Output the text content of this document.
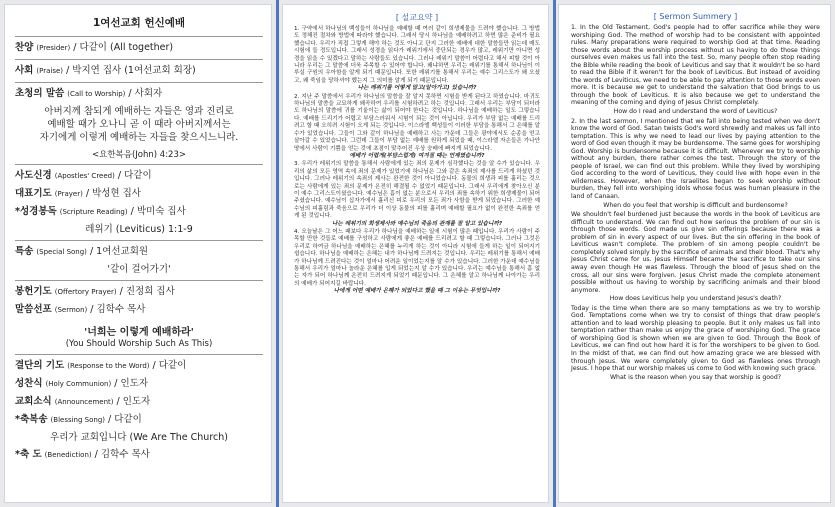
1여선교회 헌신예배
찬양 (Presider) / 다같이 (All together)
사회 (Praise) / 박지연 집사 (1여선교회 회장)
초청의 말씀 (Call to Worship) / 사회자
아버지께 참되게 예배하는 자들은 영과 진리로
예배할 때가 오나니 곧 이 때라 아버지께서는
자기에게 이렇게 예배하는 자들을 찾으시느니라.
<요한복음(John) 4:23>
사도신경 (Apostles' Creed) / 다같이
대표기도 (Prayer) / 박성현 집사
*성경봉독 (Scripture Reading) / 박미숙 집사
레위기 (Leviticus) 1:1-9
특송 (Special Song) / 1여선교회원
'같이 걸어가기'
봉헌기도 (Offertory Prayer) / 진정희 집사
말씀선포 (Sermon) / 김학수 목사
'너희는 이렇게 예배하라'
(You Should Worship Such As This)
결단의 기도 (Response to the Word) / 다같이
성찬식 (Holy Communion) / 인도자
교회소식 (Announcement) / 인도자
*축복송 (Blessing Song) / 다같이
우리가 교회입니다 (We Are The Church)
*축 도 (Benediction) / 김학수 목사
[ 설교요약 ]

1. 구약에서 하나님의 백성들이 하나님을 예배할 때 여러 같이 희생제물을 드려야 했습니다. 그 방법도 정해진 절차와 방법에 따라야 했습니다. 그래서 당시 하나님을 예배하려고 하면 많은 준비가 필요했습니다. 우리가 직접 그렇게 해야 하는 것도 아니고 단지 그러한 예배에 대한 말씀들만 읽는데 매도 시험에 들 정도입니다. 그래서 성경을 읽다가 레위기에서 중단되는 경우가 많고, 레위기만 아니면 성경을 읽을 수 있겠다고 말하는 사람들도 있습니다. 그러나 레위기 말씀이 어렵다고 해서 피할 것이 아니라 우리는 그 말씀에 더욱 주목할 수 있어야 합니다. 왜냐하면 우리는 레위기를 통해서 하나님이 이루실 구원의 우아함을 알게 되기 때문입니다. 또한 레위기를 통해서 우리는 예수 그리스도가 왜 오셨고, 왜 죽임을 당하셔야 했는지 그 의미를 알게 되기 때문입니다.

나는 레위기를 어떻게 알고(알아가고) 있습니까?

2. 지난 주 말씀에서 우리가 하나님의 말씀을 잘 알지 못하면 시험을 받게 된다고 하였습니다. 마귀도 하나님의 말씀을 교묘하게 왜곡하여 우리를 시험하려고 하는 것입니다. 그래서 우리는 부담이 되더라도 하나님의 말씀에 귀를 기울이는 삶이 되어야 한다는 것입니다. 하나님을 예배하는 일도 그렇습니다. 예배를 드리기가 어렵고 부담스러워서 시험이 되는 것이 아닙니다. 우리가 부담 없는 예배를 드리려고 할 때 오히려 시험이 오게 되는 것입니다. 이스라엘 백성들이 이러한 부담을 통해서 그 은혜를 알 수가 있었습니다. 그들이 그와 같이 하나님을 예배하고 사는 가운데 그들은 광야에서도 순종을 얻고 살아갈 수 있었습니다. 그런데 그들이 부담 없는 예배를 원하게 되었을 때, 이스라엘 자손들은 가나안 땅에서 사람이 기쁨을 얻는 것에 초점이 맞추어진 우상 숭배에 빠지게 되었습니다.

예배가 어렵게(부담스럽게) 여겨질 때는 언제였습니까?

3. 우리가 레위기의 말씀을 통해서 사람에게 있는 죄의 문제가 심각했다는 것을 알 수가 있습니다. 우리의 삶의 모든 영역 속에 죄의 문제가 있었기에 하나님은 그와 같은 속죄의 제사를 드리게 하셨던 것입니다. 그러나 레위기의 속죄의 제사는 완전한 것이 아니었습니다. 동물의 희생과 피를 흘리는 것으로는 사람에게 있는 죄의 문제가 온전히 해결될 수 없었기 때문입니다. 그래서 우리에게 찾아오신 분이 예수 그리스도이셨습니다. 예수님은 흠이 없는 분으로서 우리의 죄를 속하기 위한 희생제물이 되어 주셨습니다. 예수님이 십자가에서 흘리신 피로 우리의 모든 죄가 사함을 받게 되었습니다. 그러한 예수님의 피흘림과 죽음으로 우리가 더 이상 동물의 피를 흘리며 예배할 필요가 없이 완전한 속죄를 얻게 된 것입니다.

나는 레위기의 희생제사와 예수님의 죽음의 관계를 잘 알고 있습니까?

4. 오늘날은 그 어느 때보다 우리가 하나님을 예배하는 일에 시험이 많은 때입니다. 우리가 사람이 주목할 만한 것들로 예배를 구성하고 사람에게 좋은 예배를 드리려고 할 때 그렇습니다. 그러나 그것은 우리로 하여금 하나님을 예배하는 은혜를 누리게 하는 것이 아니라 시험에 들게 하는 일이 되어지기 쉽습니다. 하나님을 예배하는 은혜는 내가 하나님께 드려지는 것입니다. 우리는 레위기를 통해서 예배가 하나님께 드려진다는 것이 얼마나 어려운 일이었는지를 알 수가 있습니다. 그러한 가운데 예수님을 통해서 우리가 얼마나 놀라운 은혜를 입게 되었는지 알 수가 있습니다. 우리는 예수님을 통해서 흠 없는 자가 되어 하나님께 온전히 드려지게 되었기 때문입니다. 그 은혜를 알고 하나님께 나아가는 우리의 예배가 되어지길 바랍니다.

나에게 어떤 예배가 은혜가 되었다고 했을 때 그 이유는 무엇입니까?

[ Sermon Summery ]

1. In the Old Testament, God's people had to offer sacrifice while they were worshiping God. The method of worship had to be consistent with appointed rules. Many preparations were required to worship God at that time. Reading those words about the worship process without us having to do those things ourselves even makes us fall into the test. So, many people often stop reading the Bible while reading the book of Leviticus and say that it wouldn't be so hard to read the Bible if it weren't for the book of Leviticus. But instead of avoiding the words of Leviticus, we need to be able to pay attention to those words even more. It is because we get to understand the salvation that God brings to us through the book of Leviticus. It is also because we get to understand the meaning of the coming and dying of Jesus Christ completely.

How do I read and understand the word of Leviticus?

2. In the last sermon, I mentioned that we fall into being tested when we don't know the word of God. Satan twists God's word shrewdly and makes us fall into temptation. This is why we need to lead our lives by paying attention to the word of God even though it may be burdensome. The same goes for worshiping God. Worship is burdensome because it is difficult. Whenever we try to worship without any burden, there rather comes the test. Through the story of the people of Israel, we can find out this problem. While they lived by worshiping God according to the word of Leviticus, they could live with hope even in the wilderness. However, when the Israelites began to seek worship without burden, they fell into worshiping idols whose focus was human pleasure in the land of Canaan.

When do you feel that worship is difficult and burdensome?

We shouldn't feel burdened just because the words in the book of Leviticus are difficult to understand. We can find out how serious the problem of our sin is through those words. God made us give sin offerings because there was a problem of sin in every aspect of our lives. But the sin offering in the book of Leviticus wasn't complete. The problem of sin among people couldn't be completely solved simply by the sacrifice of animals and their blood. That's why Jesus Christ came for us. Jesus Himself became the sacrifice to take our sins away even though He was flawless. Through the blood of Jesus shed on the cross, all our sins were forgiven. Jesus Christ made the complete atonement possible without us having to worship by sacrificing animals and their blood anymore.

How does Leviticus help you understand Jesus's death?

Today is the time when there are so many temptations as we try to worship God. Temptations come when we try to consist of things that draw people's attention and to lead worship pleasing to people. But it only makes us fall into temptation rather than make us enjoy the grace of worshiping God. The grace of worshiping God is shown when we are given to God. Through the Book of Leviticus, we can find out how hard it is for the worshipers to be given to God. In the midst of that, we can find out how amazing grace we are blessed with through Jesus. We were completely given to God as flawless ones through Jesus. I hope that our worship makes us come to God with knowing such grace.

What is the reason when you say that worship is good?
